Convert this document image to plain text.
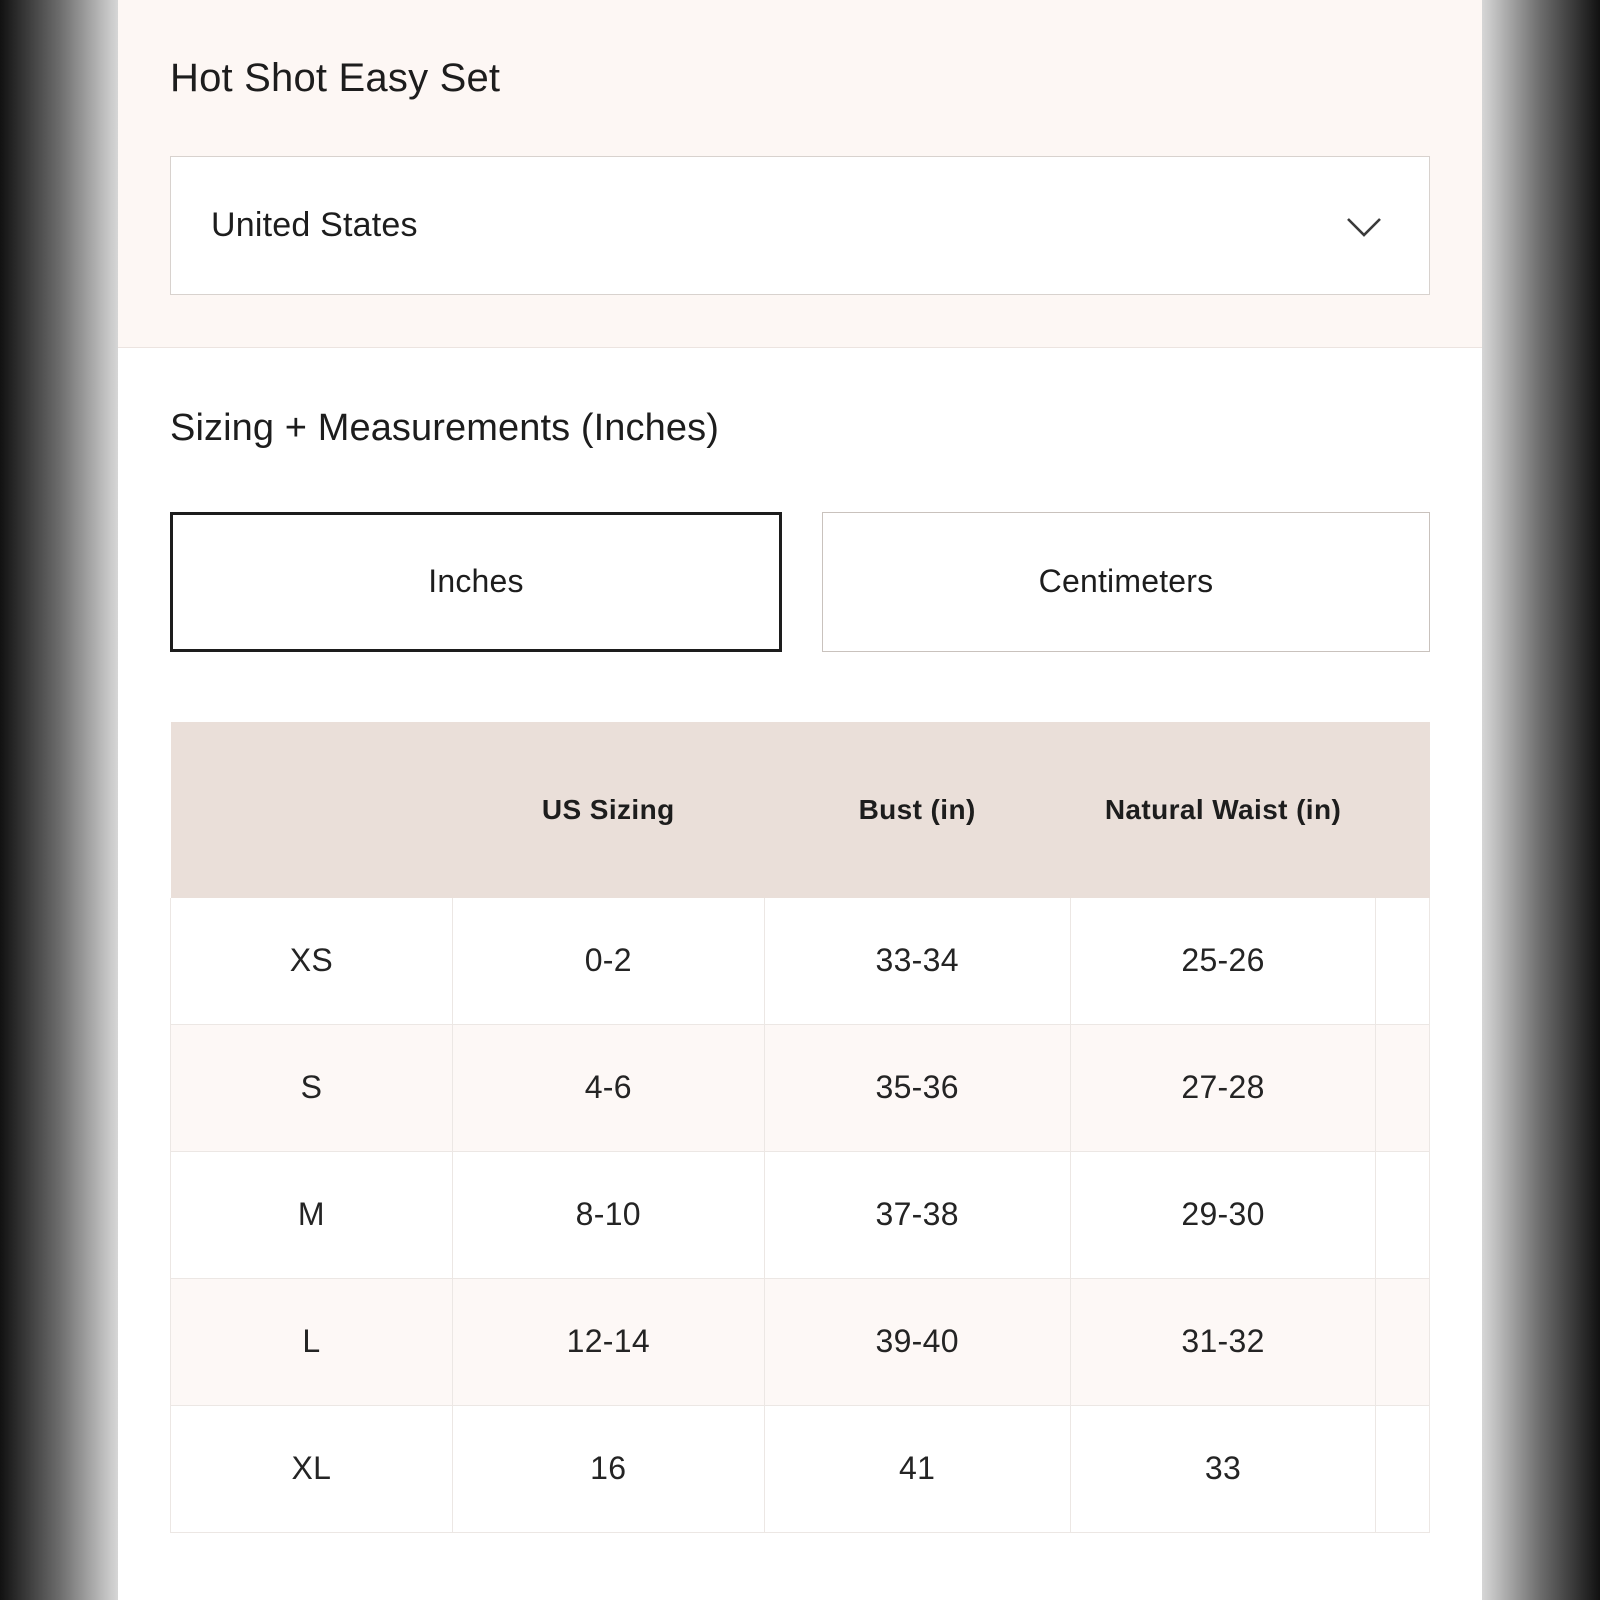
Hot Shot Easy Set
United States
Sizing + Measurements (Inches)
Inches	Centimeters
	US Sizing	Bust (in)	Natural Waist (in)	
XS	0-2	33-34	25-26	
S	4-6	35-36	27-28	
M	8-10	37-38	29-30	
L	12-14	39-40	31-32	
XL	16	41	33	
